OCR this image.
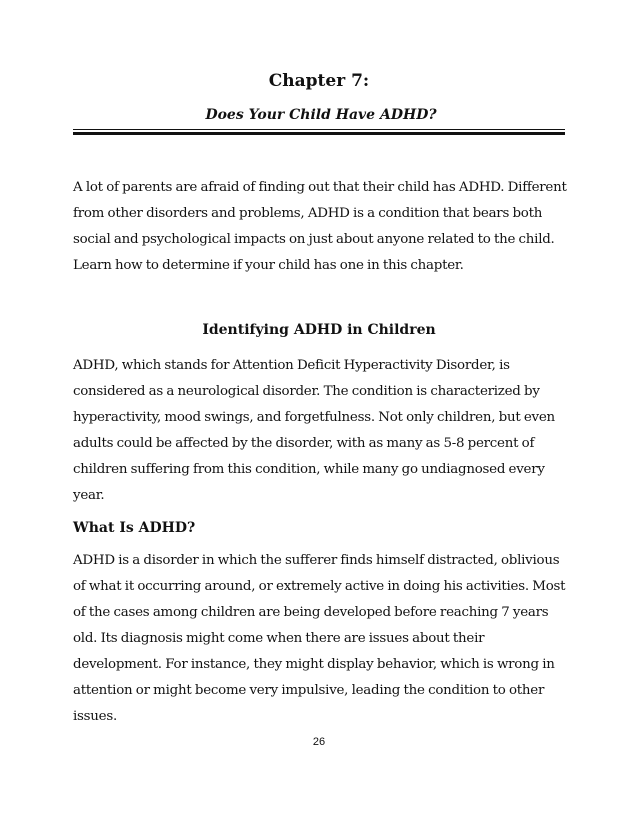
Chapter 7:
Does Your Child Have ADHD?

A lot of parents are afraid of finding out that their child has ADHD. Different from other disorders and problems, ADHD is a condition that bears both social and psychological impacts on just about anyone related to the child. Learn how to determine if your child has one in this chapter.

Identifying ADHD in Children

ADHD, which stands for Attention Deficit Hyperactivity Disorder, is considered as a neurological disorder. The condition is characterized by hyperactivity, mood swings, and forgetfulness. Not only children, but even adults could be affected by the disorder, with as many as 5-8 percent of children suffering from this condition, while many go undiagnosed every year.

What Is ADHD?

ADHD is a disorder in which the sufferer finds himself distracted, oblivious of what it occurring around, or extremely active in doing his activities. Most of the cases among children are being developed before reaching 7 years old. Its diagnosis might come when there are issues about their development. For instance, they might display behavior, which is wrong in attention or might become very impulsive, leading the condition to other issues.

26
